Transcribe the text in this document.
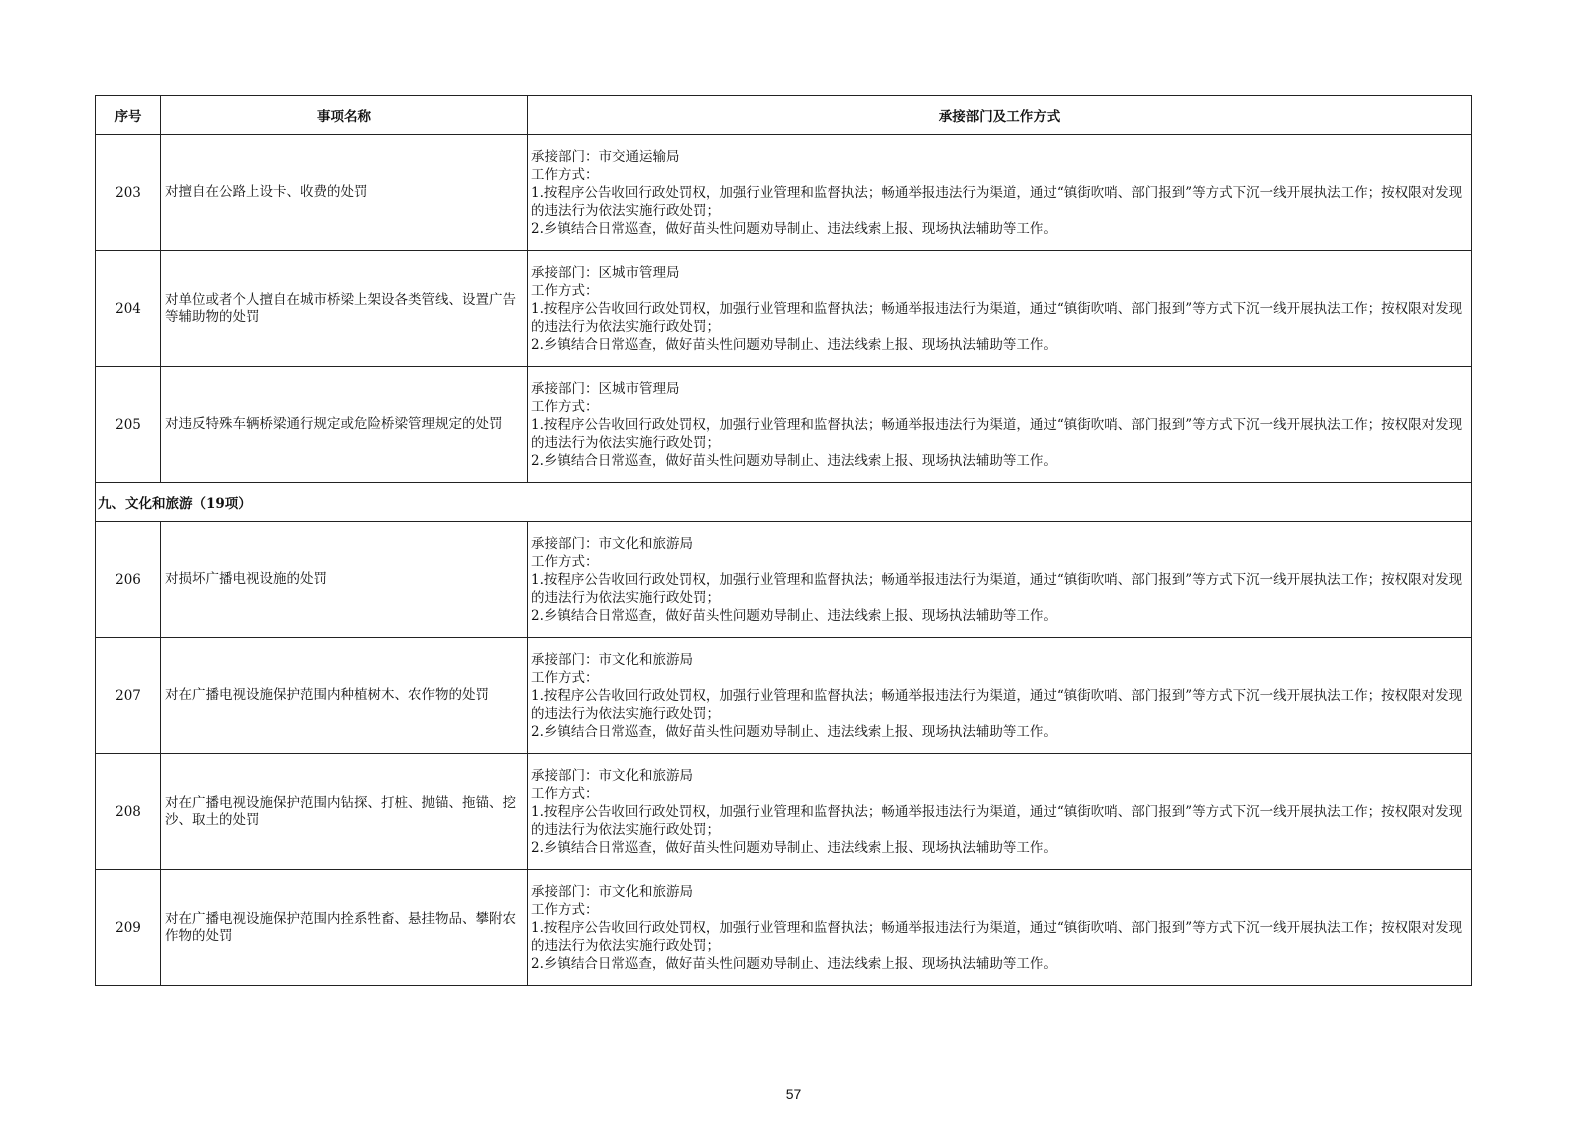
序号	事项名称	承接部门及工作方式
203	对擅自在公路上设卡、收费的处罚	承接部门：市交通运输局
工作方式：
1.按程序公告收回行政处罚权，加强行业管理和监督执法；畅通举报违法行为渠道，通过“镇街吹哨、部门报到”等方式下沉一线开展执法工作；按权限对发现的违法行为依法实施行政处罚；
2.乡镇结合日常巡查，做好苗头性问题劝导制止、违法线索上报、现场执法辅助等工作。

204	对单位或者个人擅自在城市桥梁上架设各类管线、设置广告等辅助物的处罚	承接部门：区城市管理局
工作方式：
1.按程序公告收回行政处罚权，加强行业管理和监督执法；畅通举报违法行为渠道，通过“镇街吹哨、部门报到”等方式下沉一线开展执法工作；按权限对发现的违法行为依法实施行政处罚；
2.乡镇结合日常巡查，做好苗头性问题劝导制止、违法线索上报、现场执法辅助等工作。

205	对违反特殊车辆桥梁通行规定或危险桥梁管理规定的处罚	承接部门：区城市管理局
工作方式：
1.按程序公告收回行政处罚权，加强行业管理和监督执法；畅通举报违法行为渠道，通过“镇街吹哨、部门报到”等方式下沉一线开展执法工作；按权限对发现的违法行为依法实施行政处罚；
2.乡镇结合日常巡查，做好苗头性问题劝导制止、违法线索上报、现场执法辅助等工作。

九、文化和旅游（19项）		
206	对损坏广播电视设施的处罚	承接部门：市文化和旅游局
工作方式：
1.按程序公告收回行政处罚权，加强行业管理和监督执法；畅通举报违法行为渠道，通过“镇街吹哨、部门报到”等方式下沉一线开展执法工作；按权限对发现的违法行为依法实施行政处罚；
2.乡镇结合日常巡查，做好苗头性问题劝导制止、违法线索上报、现场执法辅助等工作。

207	对在广播电视设施保护范围内种植树木、农作物的处罚	承接部门：市文化和旅游局
工作方式：
1.按程序公告收回行政处罚权，加强行业管理和监督执法；畅通举报违法行为渠道，通过“镇街吹哨、部门报到”等方式下沉一线开展执法工作；按权限对发现的违法行为依法实施行政处罚；
2.乡镇结合日常巡查，做好苗头性问题劝导制止、违法线索上报、现场执法辅助等工作。

208	对在广播电视设施保护范围内钻探、打桩、抛锚、拖锚、挖沙、取土的处罚	承接部门：市文化和旅游局
工作方式：
1.按程序公告收回行政处罚权，加强行业管理和监督执法；畅通举报违法行为渠道，通过“镇街吹哨、部门报到”等方式下沉一线开展执法工作；按权限对发现的违法行为依法实施行政处罚；
2.乡镇结合日常巡查，做好苗头性问题劝导制止、违法线索上报、现场执法辅助等工作。

209	对在广播电视设施保护范围内拴系牲畜、悬挂物品、攀附农作物的处罚	承接部门：市文化和旅游局
工作方式：
1.按程序公告收回行政处罚权，加强行业管理和监督执法；畅通举报违法行为渠道，通过“镇街吹哨、部门报到”等方式下沉一线开展执法工作；按权限对发现的违法行为依法实施行政处罚；
2.乡镇结合日常巡查，做好苗头性问题劝导制止、违法线索上报、现场执法辅助等工作。
57
